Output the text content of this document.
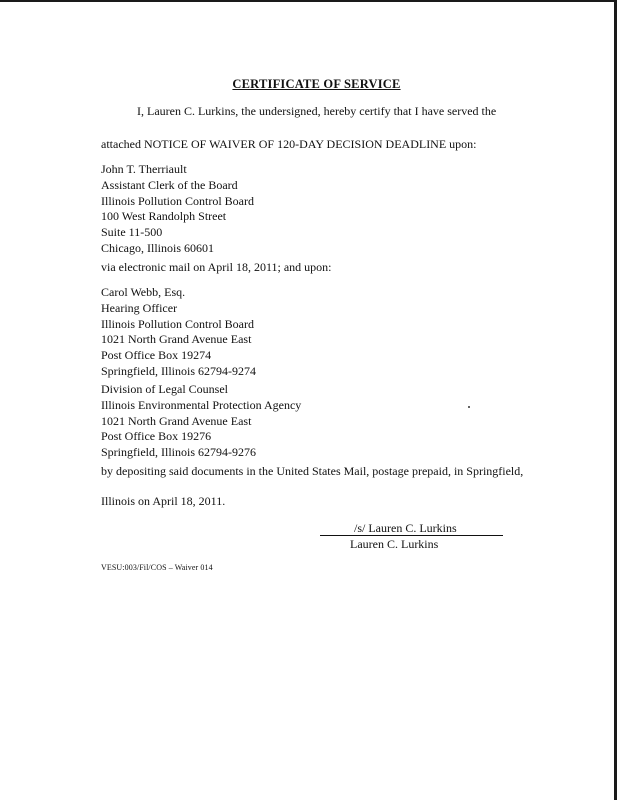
CERTIFICATE OF SERVICE
I, Lauren C. Lurkins, the undersigned, hereby certify that I have served the
attached NOTICE OF WAIVER OF 120-DAY DECISION DEADLINE upon:
John T. Therriault
Assistant Clerk of the Board
Illinois Pollution Control Board
100 West Randolph Street
Suite 11-500
Chicago, Illinois 60601
via electronic mail on April 18, 2011; and upon:
Carol Webb, Esq.
Hearing Officer
Illinois Pollution Control Board
1021 North Grand Avenue East
Post Office Box 19274
Springfield, Illinois 62794-9274
Division of Legal Counsel
Illinois Environmental Protection Agency
1021 North Grand Avenue East
Post Office Box 19276
Springfield, Illinois 62794-9276
by depositing said documents in the United States Mail, postage prepaid, in Springfield,
Illinois on April 18, 2011.
/s/ Lauren C. Lurkins
Lauren C. Lurkins
VESU:003/Fil/COS – Waiver 014
